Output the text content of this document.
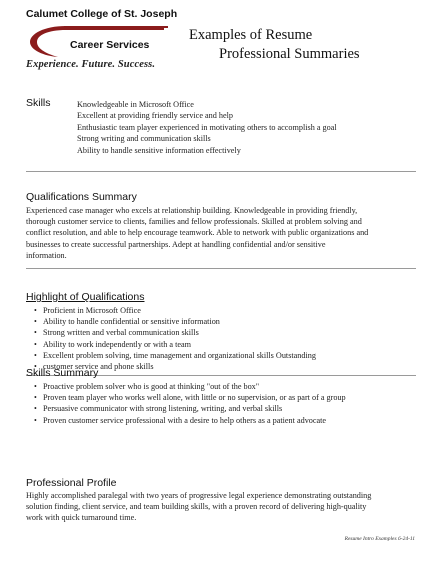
Calumet College of St. Joseph
Career Services
Experience. Future. Success.
Examples of Resume
Professional Summaries
Skills	Knowledgeable in Microsoft Office
Excellent at providing friendly service and help
Enthusiastic team player experienced in motivating others to accomplish a goal
Strong writing and communication skills
Ability to handle sensitive information effectively
Qualifications Summary
Experienced case manager who excels at relationship building. Knowledgeable in providing friendly,
thorough customer service to clients, families and fellow professionals. Skilled at problem solving and
conflict resolution, and able to help encourage teamwork. Able to network with public organizations and
businesses to create successful partnerships. Adept at handling confidential and/or sensitive
information.
Highlight of Qualifications
• Proficient in Microsoft Office
• Ability to handle confidential or sensitive information
• Strong written and verbal communication skills
• Ability to work independently or with a team
• Excellent problem solving, time management and organizational skills Outstanding
• customer service and phone skills
Skills Summary
• Proactive problem solver who is good at thinking "out of the box"
• Proven team player who works well alone, with little or no supervision, or as part of a group
• Persuasive communicator with strong listening, writing, and verbal skills
• Proven customer service professional with a desire to help others as a patient advocate
Professional Profile
Highly accomplished paralegal with two years of progressive legal experience demonstrating outstanding
solution finding, client service, and team building skills, with a proven record of delivering high-quality
work with quick turnaround time.
Resume Intro Examples 6-24-11
